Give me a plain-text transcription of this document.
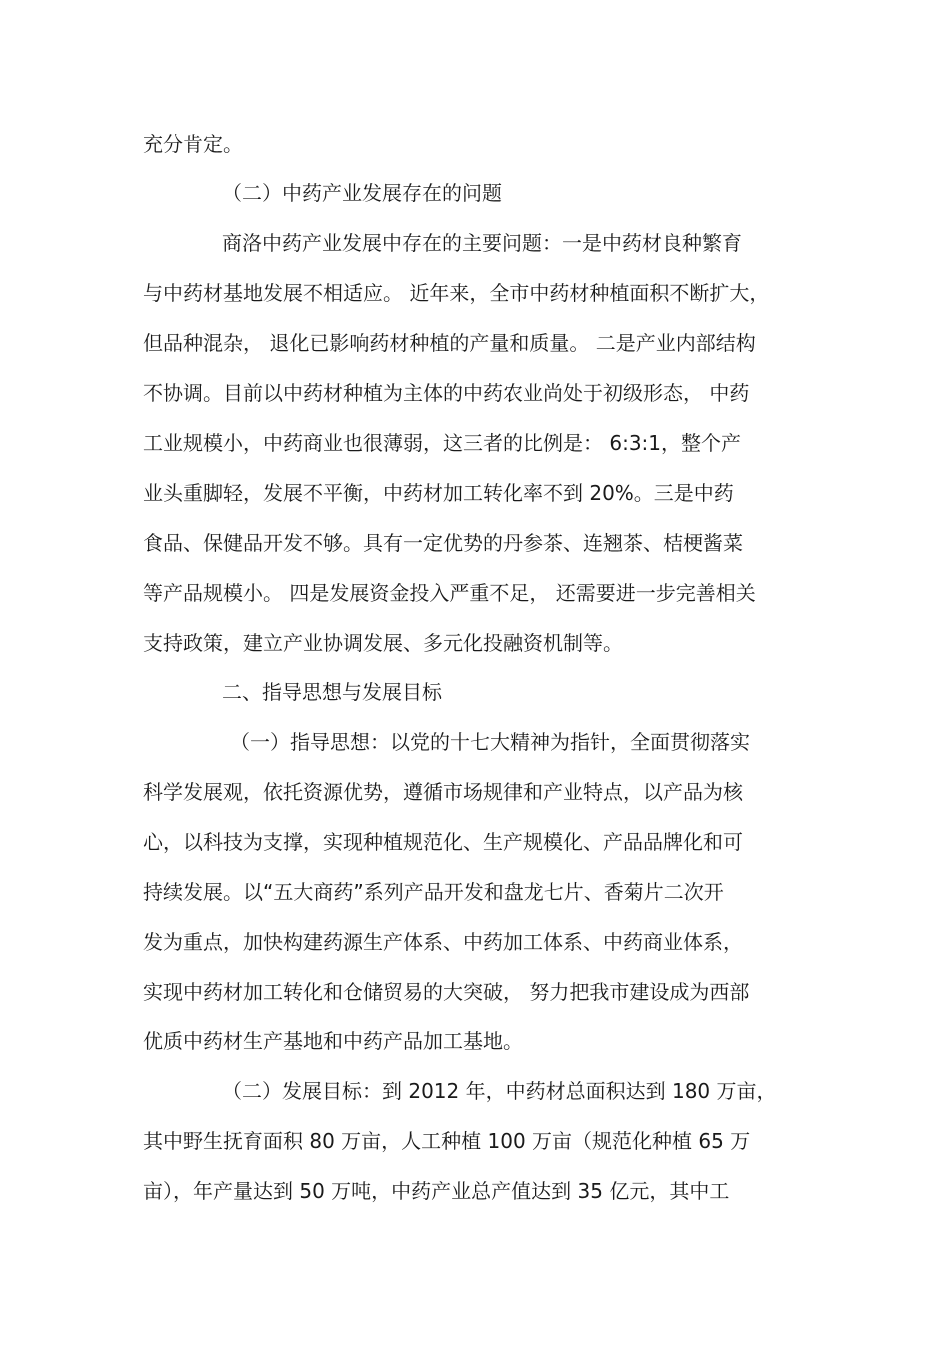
充分肯定。
（二）中药产业发展存在的问题
商洛中药产业发展中存在的主要问题：一是中药材良种繁育
与中药材基地发展不相适应。 近年来，全市中药材种植面积不断扩大，
但品种混杂， 退化已影响药材种植的产量和质量。 二是产业内部结构
不协调。目前以中药材种植为主体的中药农业尚处于初级形态， 中药
工业规模小，中药商业也很薄弱，这三者的比例是： 6:3:1，整个产
业头重脚轻，发展不平衡，中药材加工转化率不到 20%。三是中药
食品、保健品开发不够。具有一定优势的丹参茶、连翘茶、桔梗酱菜
等产品规模小。 四是发展资金投入严重不足， 还需要进一步完善相关
支持政策，建立产业协调发展、多元化投融资机制等。
二、指导思想与发展目标
（一）指导思想：以党的十七大精神为指针，全面贯彻落实
科学发展观，依托资源优势，遵循市场规律和产业特点，以产品为核
心，以科技为支撑，实现种植规范化、生产规模化、产品品牌化和可
持续发展。以“五大商药”系列产品开发和盘龙七片、香菊片二次开
发为重点，加快构建药源生产体系、中药加工体系、中药商业体系，
实现中药材加工转化和仓储贸易的大突破， 努力把我市建设成为西部
优质中药材生产基地和中药产品加工基地。
（二）发展目标：到 2012 年，中药材总面积达到 180 万亩，
其中野生抚育面积 80 万亩，人工种植 100 万亩（规范化种植 65 万
亩），年产量达到 50 万吨，中药产业总产值达到 35 亿元，其中工
